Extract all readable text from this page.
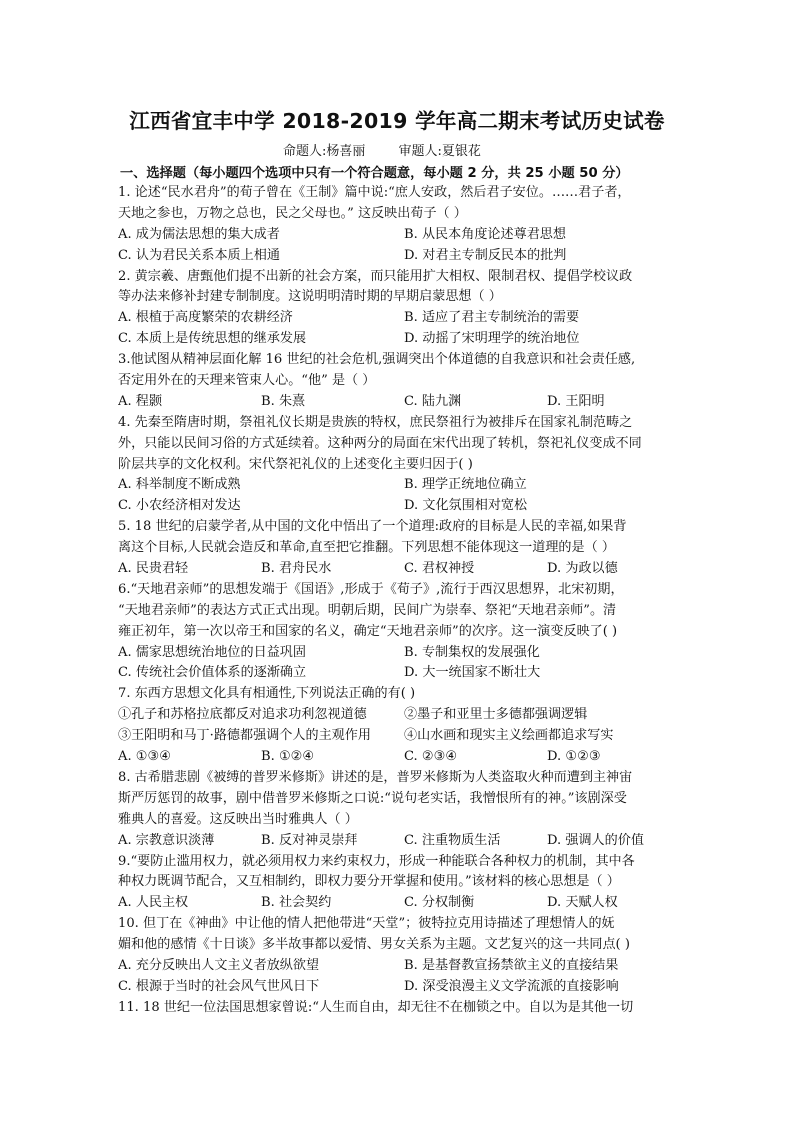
江西省宜丰中学 2018-2019 学年高二期末考试历史试卷
命题人:杨喜丽        审题人:夏银花
一、选择题（每小题四个选项中只有一个符合题意，每小题 2 分，共 25 小题 50 分）
1. 论述“民水君舟”的荀子曾在《王制》篇中说:“庶人安政，然后君子安位。……君子者，
天地之参也，万物之总也，民之父母也。” 这反映出荀子（ ）
A. 成为儒法思想的集大成者	B. 从民本角度论述尊君思想
C. 认为君民关系本质上相通	D. 对君主专制反民本的批判
2. 黄宗羲、唐甄他们提不出新的社会方案，而只能用扩大相权、限制君权、提倡学校议政
等办法来修补封建专制制度。这说明明清时期的早期启蒙思想（ ）
A. 根植于高度繁荣的农耕经济	B. 适应了君主专制统治的需要
C. 本质上是传统思想的继承发展	D. 动摇了宋明理学的统治地位
3.他试图从精神层面化解 16 世纪的社会危机,强调突出个体道德的自我意识和社会责任感,
否定用外在的天理来管束人心。“他” 是（ ）
A. 程颢	B. 朱熹	C. 陆九渊	D. 王阳明
4. 先秦至隋唐时期，祭祖礼仪长期是贵族的特权，庶民祭祖行为被排斥在国家礼制范畴之
外，只能以民间习俗的方式延续着。这种两分的局面在宋代出现了转机，祭祀礼仪变成不同
阶层共享的文化权利。宋代祭祀礼仪的上述变化主要归因于( )
A. 科举制度不断成熟	B. 理学正统地位确立
C. 小农经济相对发达	D. 文化氛围相对宽松
5. 18 世纪的启蒙学者,从中国的文化中悟出了一个道理:政府的目标是人民的幸福,如果背
离这个目标,人民就会造反和革命,直至把它推翻。下列思想不能体现这一道理的是（ ）
A. 民贵君轻	B. 君舟民水	C. 君权神授	D. 为政以德
6.“天地君亲师”的思想发端于《国语》,形成于《荀子》,流行于西汉思想界，北宋初期，
“天地君亲师”的表达方式正式出现。明朝后期，民间广为崇奉、祭祀“天地君亲师”。清
雍正初年，第一次以帝王和国家的名义，确定“天地君亲师”的次序。这一演变反映了( )
A. 儒家思想统治地位的日益巩固	B. 专制集权的发展强化
C. 传统社会价值体系的逐渐确立	D. 大一统国家不断壮大
7. 东西方思想文化具有相通性,下列说法正确的有( )
①孔子和苏格拉底都反对追求功利忽视道德	②墨子和亚里士多德都强调逻辑
③王阳明和马丁·路德都强调个人的主观作用	④山水画和现实主义绘画都追求写实
A. ①③④	B. ①②④	C. ②③④	D. ①②③
8. 古希腊悲剧《被缚的普罗米修斯》讲述的是，普罗米修斯为人类盗取火种而遭到主神宙
斯严厉惩罚的故事，剧中借普罗米修斯之口说:“说句老实话，我憎恨所有的神。”该剧深受
雅典人的喜爱。这反映出当时雅典人（ ）
A. 宗教意识淡薄	B. 反对神灵崇拜	C. 注重物质生活	D. 强调人的价值
9.“要防止滥用权力，就必须用权力来约束权力，形成一种能联合各种权力的机制，其中各
种权力既调节配合，又互相制约，即权力要分开掌握和使用。”该材料的核心思想是（ ）
A. 人民主权	B. 社会契约	C. 分权制衡	D. 天赋人权
10. 但丁在《神曲》中让他的情人把他带进“天堂”；彼特拉克用诗描述了理想情人的妩
媚和他的感情《十日谈》多半故事都以爱情、男女关系为主题。文艺复兴的这一共同点( )
A. 充分反映出人文主义者放纵欲望	B. 是基督教宣扬禁欲主义的直接结果
C. 根源于当时的社会风气世风日下	D. 深受浪漫主义文学流派的直接影响
11. 18 世纪一位法国思想家曾说:“人生而自由，却无往不在枷锁之中。自以为是其他一切
